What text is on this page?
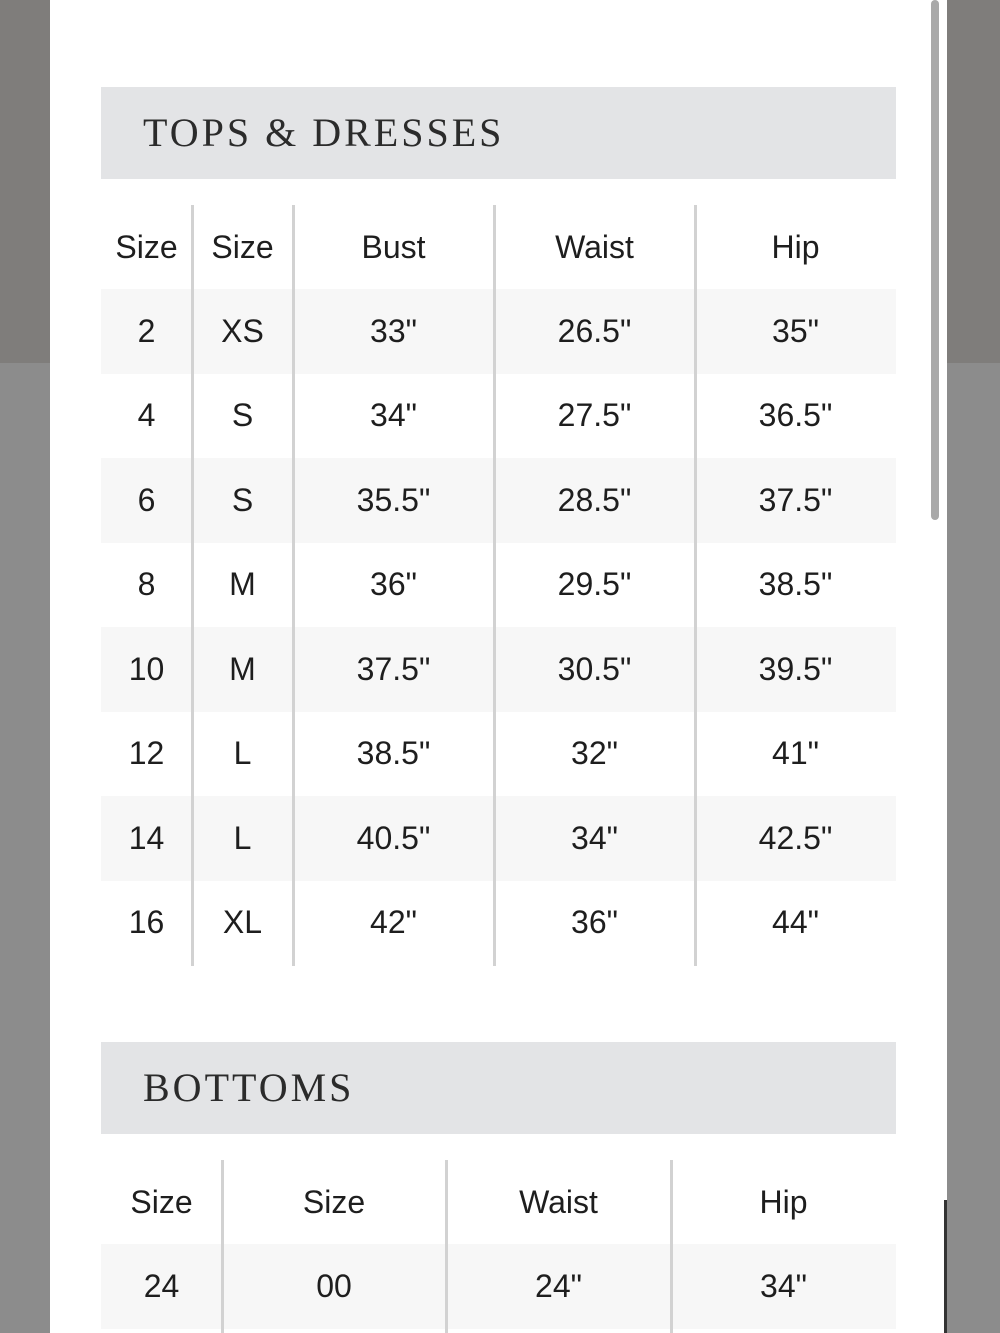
TOPS & DRESSES
Size	Size	Bust	Waist	Hip
2	XS	33"	26.5"	35"
4	S	34"	27.5"	36.5"
6	S	35.5"	28.5"	37.5"
8	M	36"	29.5"	38.5"
10	M	37.5"	30.5"	39.5"
12	L	38.5"	32"	41"
14	L	40.5"	34"	42.5"
16	XL	42"	36"	44"
BOTTOMS
Size	Size	Waist	Hip
24	00	24"	34"
